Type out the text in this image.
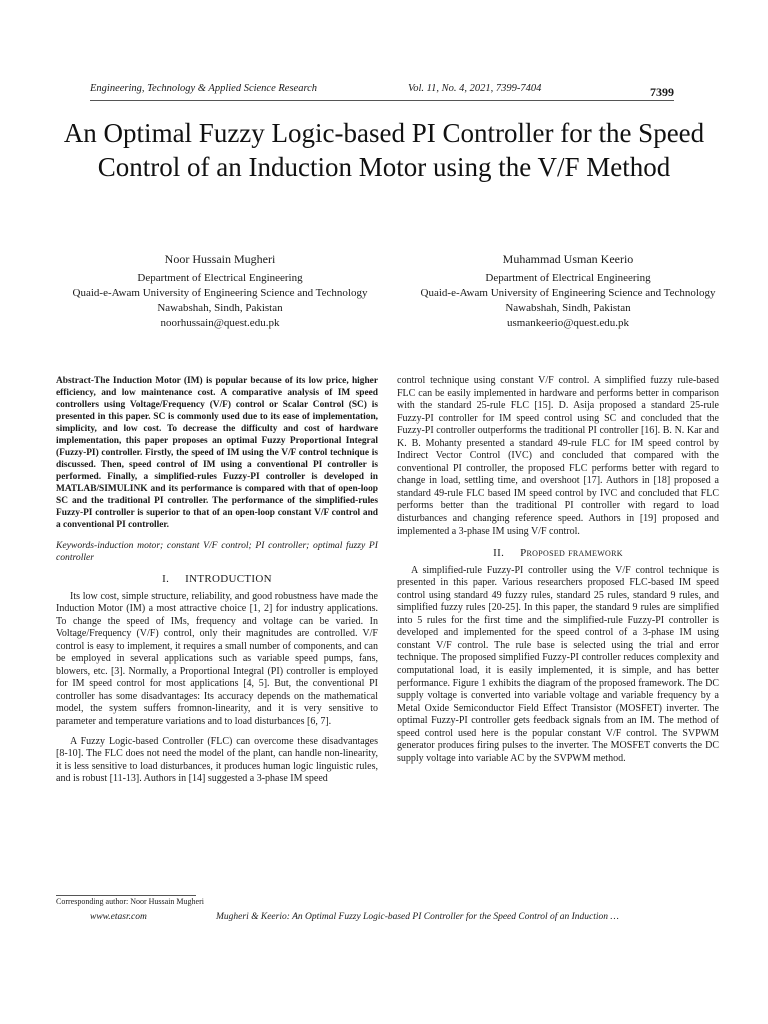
Engineering, Technology & Applied Science Research	Vol. 11, No. 4, 2021, 7399-7404	7399
An Optimal Fuzzy Logic-based PI Controller for the Speed Control of an Induction Motor using the V/F Method
Noor Hussain Mugheri
Department of Electrical Engineering
Quaid-e-Awam University of Engineering Science and Technology
Nawabshah, Sindh, Pakistan
noorhussain@quest.edu.pk
Muhammad Usman Keerio
Department of Electrical Engineering
Quaid-e-Awam University of Engineering Science and Technology
Nawabshah, Sindh, Pakistan
usmankeerio@quest.edu.pk
Abstract-The Induction Motor (IM) is popular because of its low price, higher efficiency, and low maintenance cost. A comparative analysis of IM speed controllers using Voltage/Frequency (V/F) control or Scalar Control (SC) is presented in this paper. SC is commonly used due to its ease of implementation, simplicity, and low cost. To decrease the difficulty and cost of hardware implementation, this paper proposes an optimal Fuzzy Proportional Integral (Fuzzy-PI) controller. Firstly, the speed of IM using the V/F control technique is discussed. Then, speed control of IM using a conventional PI controller is performed. Finally, a simplified-rules Fuzzy-PI controller is developed in MATLAB/SIMULINK and its performance is compared with that of open-loop SC and the traditional PI controller. The performance of the simplified-rules Fuzzy-PI controller is superior to that of an open-loop constant V/F control and a conventional PI controller.
Keywords-induction motor; constant V/F control; PI controller; optimal fuzzy PI controller
I. INTRODUCTION

Its low cost, simple structure, reliability, and good robustness have made the Induction Motor (IM) a most attractive choice [1, 2] for industry applications. To change the speed of IMs, frequency and voltage can be varied. In Voltage/Frequency (V/F) control, only their magnitudes are controlled. V/F control is easy to implement, it requires a small number of components, and can be employed in several applications such as variable speed pumps, fans, blowers, etc. [3]. Normally, a Proportional Integral (PI) controller is employed for IM speed control for most applications [4, 5]. But, the conventional PI controller has some disadvantages: Its accuracy depends on the mathematical model, the system suffers fromnon-linearity, and it is very sensitive to parameter and temperature variations and to load disturbances [6, 7].

A Fuzzy Logic-based Controller (FLC) can overcome these disadvantages [8-10]. The FLC does not need the model of the plant, can handle non-linearity, it is less sensitive to load disturbances, it produces human logic linguistic rules, and is robust [11-13]. Authors in [14] suggested a 3-phase IM speed

control technique using constant V/F control. A simplified fuzzy rule-based FLC can be easily implemented in hardware and performs better in comparison with the standard 25-rule FLC [15]. D. Asija proposed a standard 25-rule Fuzzy-PI controller for IM speed control using SC and concluded that the Fuzzy-PI controller outperforms the traditional PI controller [16]. B. N. Kar and K. B. Mohanty presented a standard 49-rule FLC for IM speed control by Indirect Vector Control (IVC) and concluded that compared with the conventional PI controller, the proposed FLC performs better with regard to change in load, settling time, and overshoot [17]. Authors in [18] proposed a standard 49-rule FLC based IM speed control by IVC and concluded that FLC performs better than the traditional PI controller with regard to load disturbances and changing reference speed. Authors in [19] proposed and implemented a 3-phase IM using V/F control.

II. Proposed framework

A simplified-rule Fuzzy-PI controller using the V/F control technique is presented in this paper. Various researchers proposed FLC-based IM speed control using standard 49 fuzzy rules, standard 25 rules, standard 9 rules, and simplified fuzzy rules [20-25]. In this paper, the standard 9 rules are simplified into 5 rules for the first time and the simplified-rule Fuzzy-PI controller is developed and implemented for the speed control of a 3-phase IM using constant V/F control. The rule base is selected using the trial and error technique. The proposed simplified Fuzzy-PI controller reduces complexity and computational load, it is easily implemented, it is simple, and has better performance. Figure 1 exhibits the diagram of the proposed framework. The DC supply voltage is converted into variable voltage and variable frequency by a Metal Oxide Semiconductor Field Effect Transistor (MOSFET) inverter. The optimal Fuzzy-PI controller gets feedback signals from an IM. The method of speed control used here is the popular constant V/F control. The SVPWM generator produces firing pulses to the inverter. The MOSFET converts the DC supply voltage into variable AC by the SVPWM method.

Corresponding author: Noor Hussain Mugheri
www.etasr.com	Mugheri & Keerio: An Optimal Fuzzy Logic-based PI Controller for the Speed Control of an Induction …
